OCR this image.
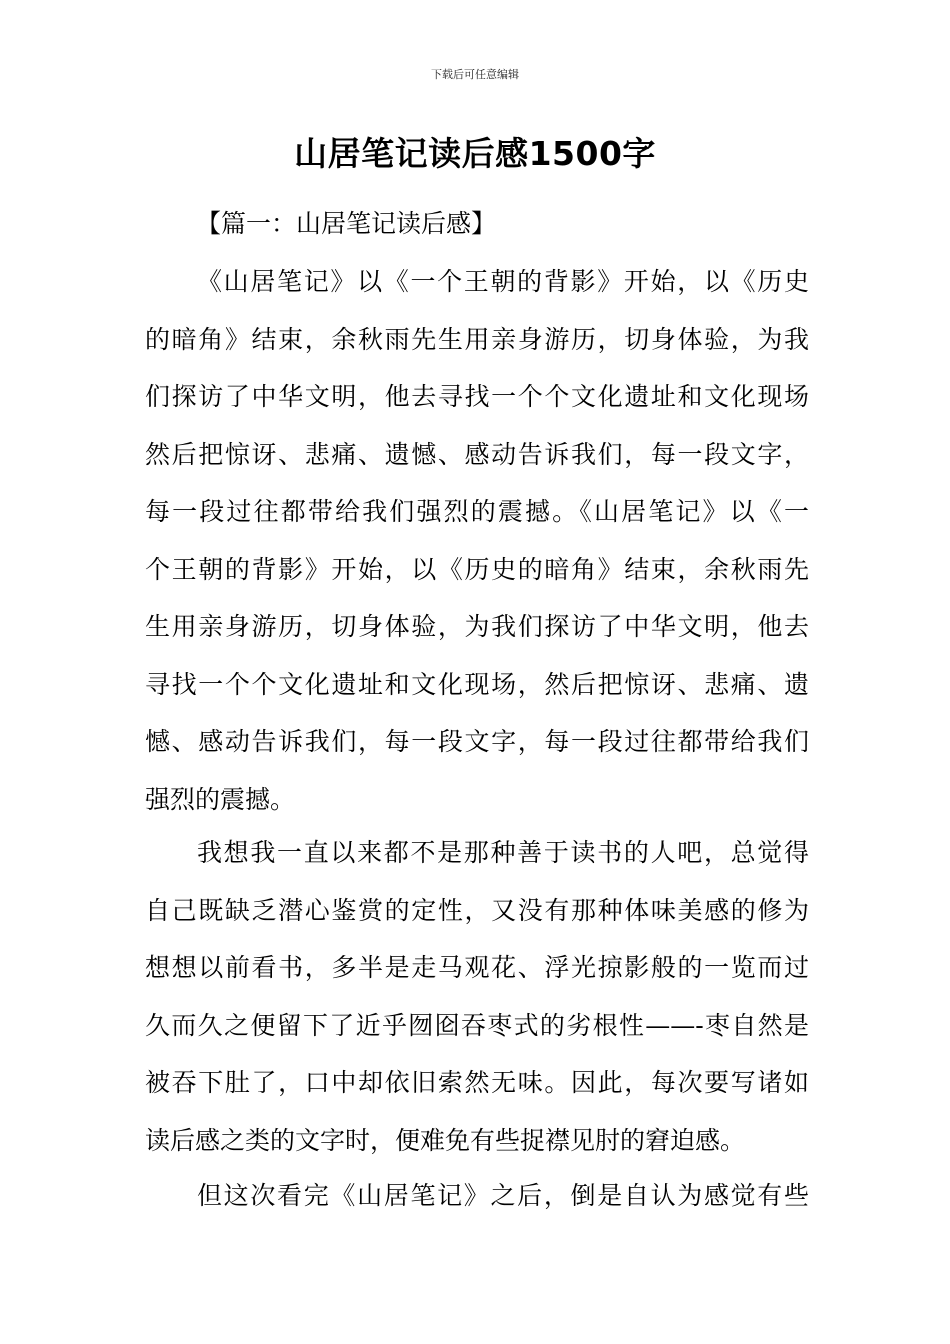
下载后可任意编辑
山居笔记读后感1500字
【篇一：山居笔记读后感】
《山居笔记》以《一个王朝的背影》开始，以《历史
的暗角》结束，余秋雨先生用亲身游历，切身体验，为我
们探访了中华文明，他去寻找一个个文化遗址和文化现场
然后把惊讶、悲痛、遗憾、感动告诉我们，每一段文字，
每一段过往都带给我们强烈的震撼。《山居笔记》以《一
个王朝的背影》开始，以《历史的暗角》结束，余秋雨先
生用亲身游历，切身体验，为我们探访了中华文明，他去
寻找一个个文化遗址和文化现场，然后把惊讶、悲痛、遗
憾、感动告诉我们，每一段文字，每一段过往都带给我们
强烈的震撼。
我想我一直以来都不是那种善于读书的人吧，总觉得
自己既缺乏潜心鉴赏的定性，又没有那种体味美感的修为
想想以前看书，多半是走马观花、浮光掠影般的一览而过
久而久之便留下了近乎囫囵吞枣式的劣根性——-枣自然是
被吞下肚了，口中却依旧索然无味。因此，每次要写诸如
读后感之类的文字时，便难免有些捉襟见肘的窘迫感。
但这次看完《山居笔记》之后，倒是自认为感觉有些
